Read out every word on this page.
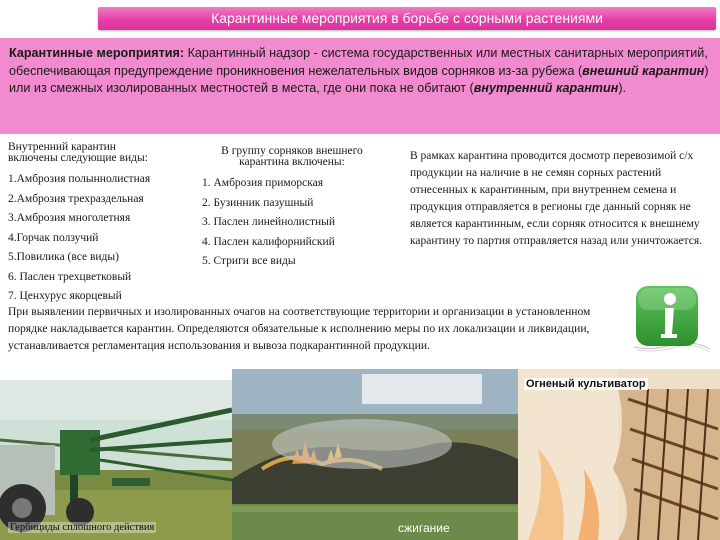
Карантинные мероприятия в борьбе с сорными растениями
Карантинные мероприятия: Карантинный надзор - система государственных или местных санитарных мероприятий, обеспечивающая предупреждение проникновения нежелательных видов сорняков из-за рубежа (внешний карантин) или из смежных изолированных местностей в места, где они пока не обитают (внутренний карантин).
Внутренний карантин
включены следующие виды:
1.Амброзия полыннолистная
2.Амброзия трехраздельная
3.Амброзия многолетняя
4.Горчак ползучий
5.Повилика (все виды)
6. Паслен трехцветковый
7. Ценхурус якорцевый
В группу сорняков внешнего
карантина включены:
1. Амброзия приморская
2. Бузинник пазушный
3. Паслен линейнолистный
4. Паслен калифорнийский
5. Стриги все виды
В рамках карантина проводится досмотр перевозимой с/х продукции на наличие в не семян сорных растений отнесенных к карантинным, при внутреннем семена и продукция отправляется в регионы где данный сорняк не является карантинным, если сорняк относится к внешнему карантину то партия отправляется назад или уничтожается.
При выявлении первичных и изолированных очагов на соответствующие территории и организации в установленном порядке накладывается карантин. Определяются обязательные к исполнению меры по их локализации и ликвидации, устанавливается регламентация использования и вывоза подкарантинной продукции.
Гербициды сплошного действия	сжигание
Огненый культиватор
